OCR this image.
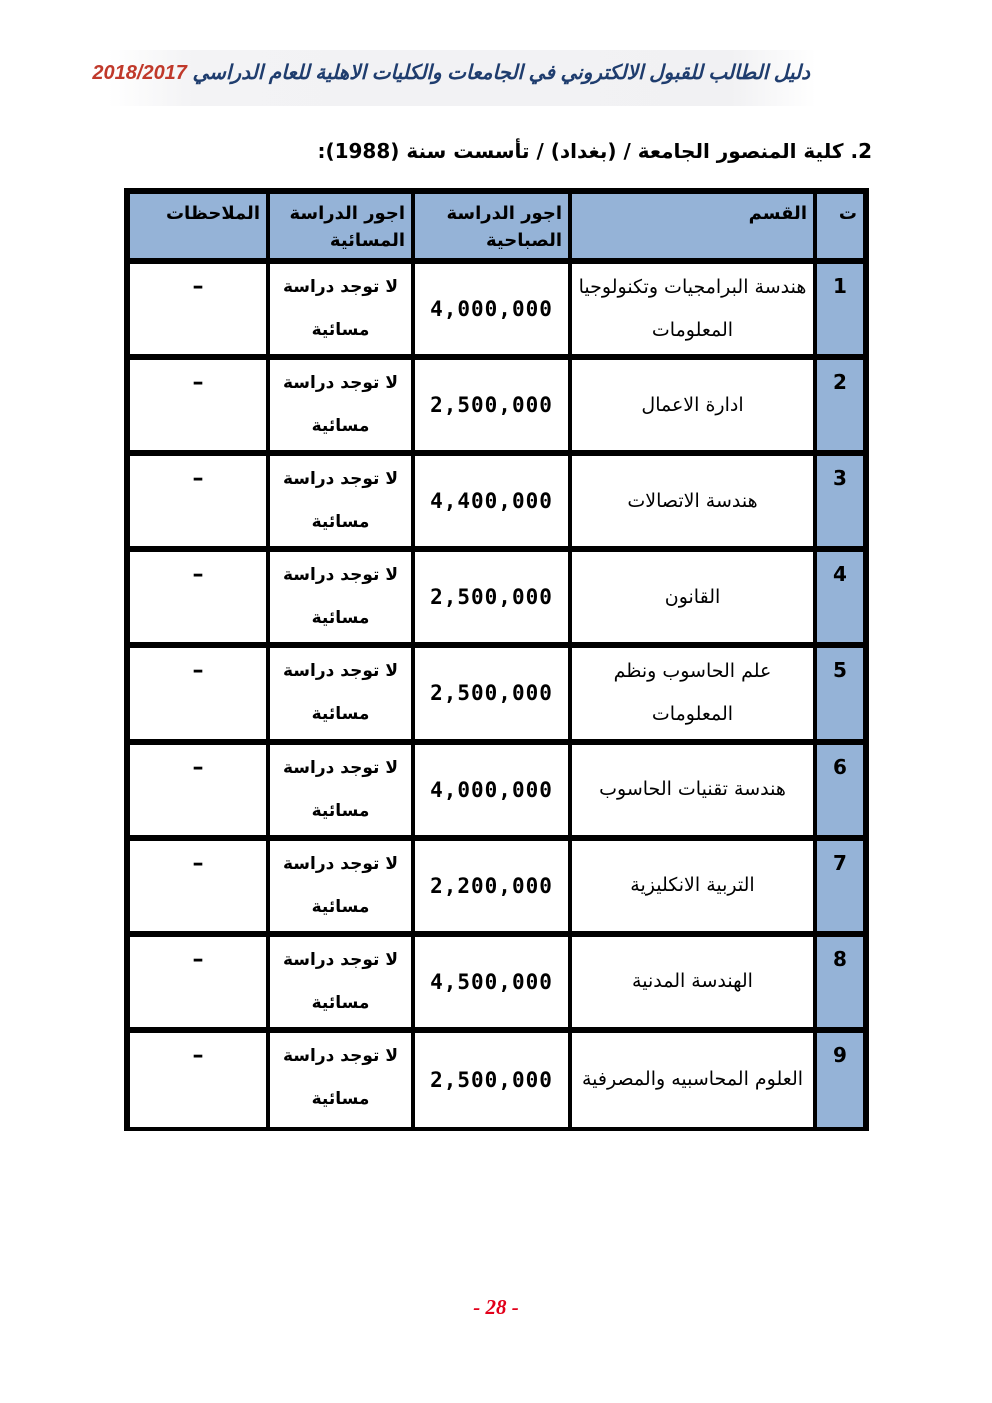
دليل الطالب للقبول الالكتروني في الجامعات والكليات الاهلية للعام الدراسي 2018/2017
2. كلية المنصور الجامعة / (بغداد) / تأسست سنة (1988):
ت	القسم	اجور الدراسة الصباحية	اجور الدراسة المسائية	الملاحظات
1	هندسة البرامجيات وتكنولوجيا المعلومات	4,000,000	لا توجد دراسة مسائية	–
2	ادارة الاعمال	2,500,000	لا توجد دراسة مسائية	–
3	هندسة الاتصالات	4,400,000	لا توجد دراسة مسائية	–
4	القانون	2,500,000	لا توجد دراسة مسائية	–
5	علم الحاسوب ونظم المعلومات	2,500,000	لا توجد دراسة مسائية	–
6	هندسة تقنيات الحاسوب	4,000,000	لا توجد دراسة مسائية	–
7	التربية الانكليزية	2,200,000	لا توجد دراسة مسائية	–
8	الهندسة المدنية	4,500,000	لا توجد دراسة مسائية	–
9	العلوم المحاسبيه والمصرفية	2,500,000	لا توجد دراسة مسائية	–
- 28 -
